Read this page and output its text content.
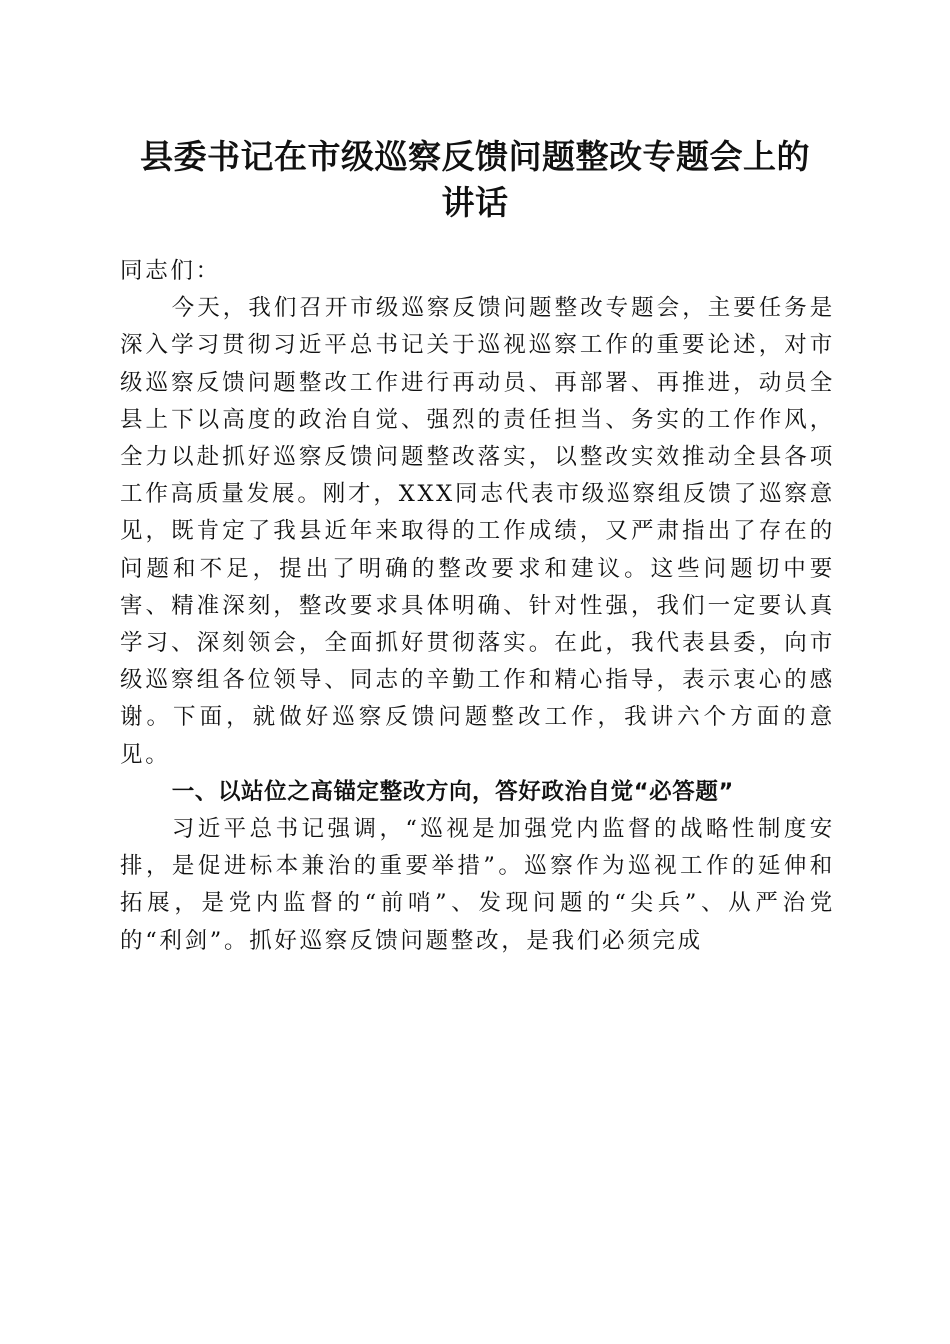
县委书记在市级巡察反馈问题整改专题会上的
讲话

同志们：

今天，我们召开市级巡察反馈问题整改专题会，主要任务是深入学习贯彻习近平总书记关于巡视巡察工作的重要论述，对市级巡察反馈问题整改工作进行再动员、再部署、再推进，动员全县上下以高度的政治自觉、强烈的责任担当、务实的工作作风，全力以赴抓好巡察反馈问题整改落实，以整改实效推动全县各项工作高质量发展。刚才，XXX同志代表市级巡察组反馈了巡察意见，既肯定了我县近年来取得的工作成绩，又严肃指出了存在的问题和不足，提出了明确的整改要求和建议。这些问题切中要害、精准深刻，整改要求具体明确、针对性强，我们一定要认真学习、深刻领会，全面抓好贯彻落实。在此，我代表县委，向市级巡察组各位领导、同志的辛勤工作和精心指导，表示衷心的感谢。下面，就做好巡察反馈问题整改工作，我讲六个方面的意见。

一、以站位之高锚定整改方向，答好政治自觉“必答题”

习近平总书记强调，“巡视是加强党内监督的战略性制度安排，是促进标本兼治的重要举措”。巡察作为巡视工作的延伸和拓展，是党内监督的“前哨”、发现问题的“尖兵”、从严治党的“利剑”。抓好巡察反馈问题整改，是我们必须完成
